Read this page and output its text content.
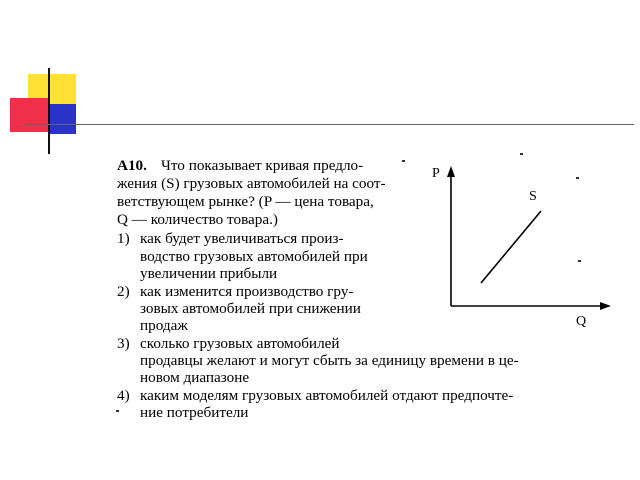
A10. Что показывает кривая предло-
жения (S) грузовых автомобилей на соот-
ветствующем рынке? (P — цена товара,
Q — количество товара.)
1) как будет увеличиваться произ-
водство грузовых автомобилей при
увеличении прибыли
2) как изменится производство гру-
зовых автомобилей при снижении
продаж
3) сколько грузовых автомобилей
продавцы желают и могут сбыть за единицу времени в це-
новом диапазоне
4) каким моделям грузовых автомобилей отдают предпочте-
ние потребители
P
S
Q
